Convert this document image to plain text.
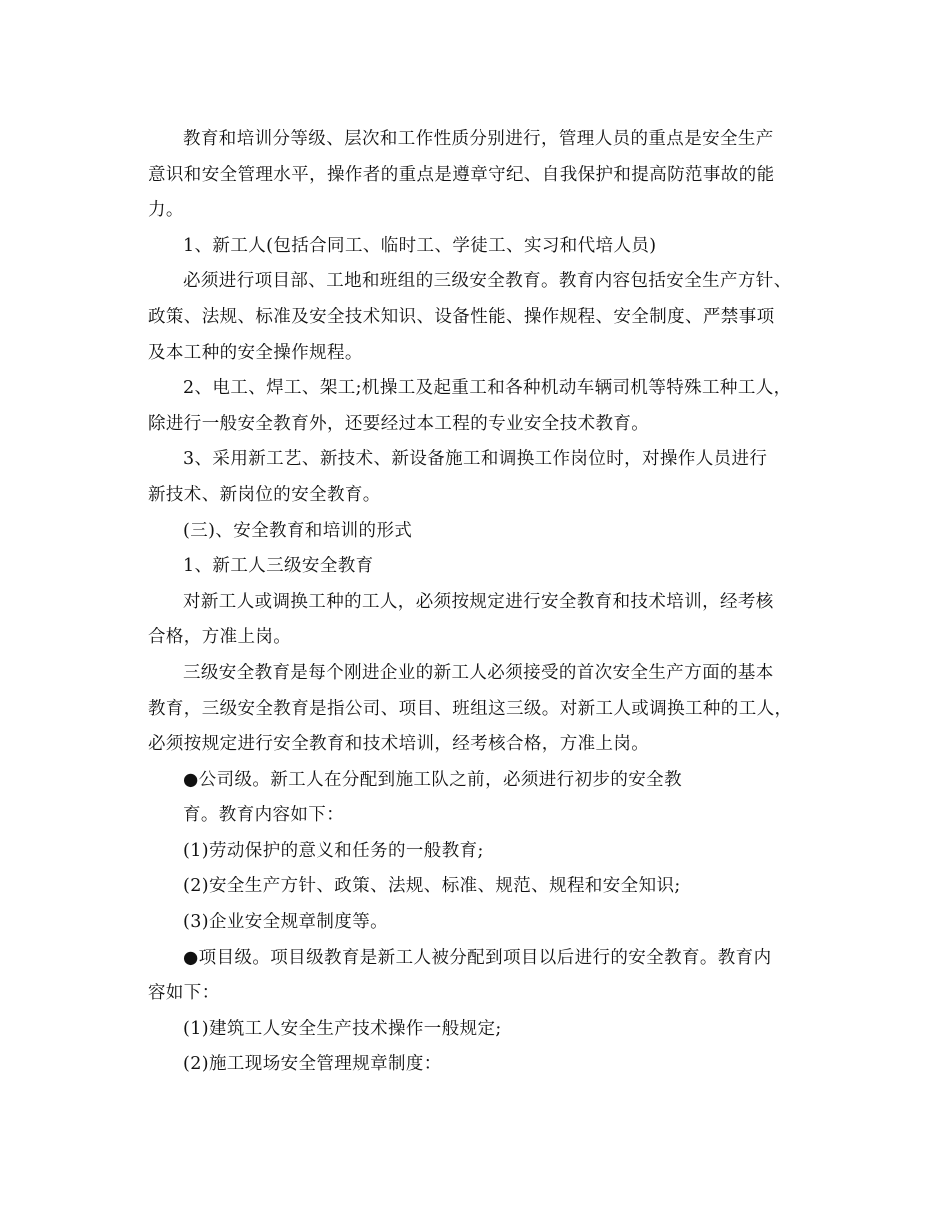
教育和培训分等级、层次和工作性质分别进行，管理人员的重点是安全生产
意识和安全管理水平，操作者的重点是遵章守纪、自我保护和提高防范事故的能
力。
1、新工人(包括合同工、临时工、学徒工、实习和代培人员)
必须进行项目部、工地和班组的三级安全教育。教育内容包括安全生产方针、
政策、法规、标准及安全技术知识、设备性能、操作规程、安全制度、严禁事项
及本工种的安全操作规程。
2、电工、焊工、架工;机操工及起重工和各种机动车辆司机等特殊工种工人，
除进行一般安全教育外，还要经过本工程的专业安全技术教育。
3、采用新工艺、新技术、新设备施工和调换工作岗位时，对操作人员进行
新技术、新岗位的安全教育。
(三)、安全教育和培训的形式
1、新工人三级安全教育
对新工人或调换工种的工人，必须按规定进行安全教育和技术培训，经考核
合格，方准上岗。
三级安全教育是每个刚进企业的新工人必须接受的首次安全生产方面的基本
教育，三级安全教育是指公司、项目、班组这三级。对新工人或调换工种的工人，
必须按规定进行安全教育和技术培训，经考核合格，方准上岗。
●公司级。新工人在分配到施工队之前，必须进行初步的安全教
育。教育内容如下：
(1)劳动保护的意义和任务的一般教育;
(2)安全生产方针、政策、法规、标准、规范、规程和安全知识;
(3)企业安全规章制度等。
●项目级。项目级教育是新工人被分配到项目以后进行的安全教育。教育内
容如下：
(1)建筑工人安全生产技术操作一般规定;
(2)施工现场安全管理规章制度：
